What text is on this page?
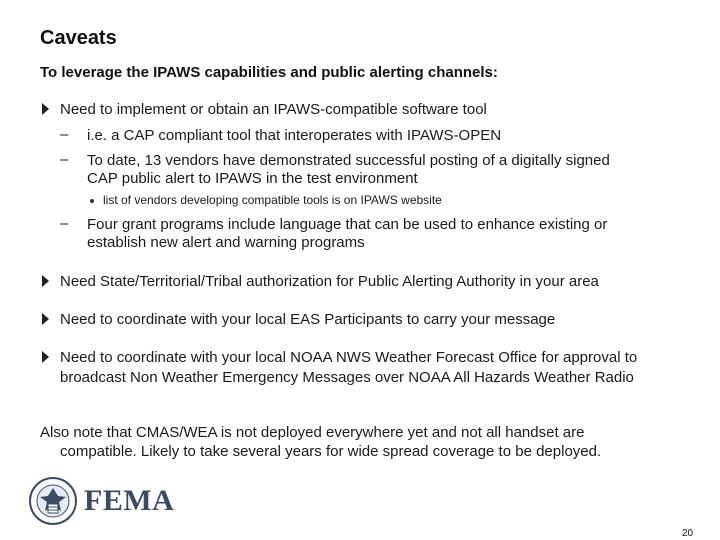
Caveats
To leverage the IPAWS capabilities and public alerting channels:
Need to implement or obtain an IPAWS-compatible software tool
– i.e. a CAP compliant tool that interoperates with IPAWS-OPEN
– To date, 13 vendors have demonstrated successful posting of a digitally signed
CAP public alert to IPAWS in the test environment
list of vendors developing compatible tools is on IPAWS website
– Four grant programs include language that can be used to enhance existing or
establish new alert and warning programs
Need State/Territorial/Tribal authorization for Public Alerting Authority in your area
Need to coordinate with your local EAS Participants to carry your message
Need to coordinate with your local NOAA NWS Weather Forecast Office for approval to
broadcast Non Weather Emergency Messages over NOAA All Hazards Weather Radio
Also note that CMAS/WEA is not deployed everywhere yet and not all handset are
compatible. Likely to take several years for wide spread coverage to be deployed.
FEMA
20
